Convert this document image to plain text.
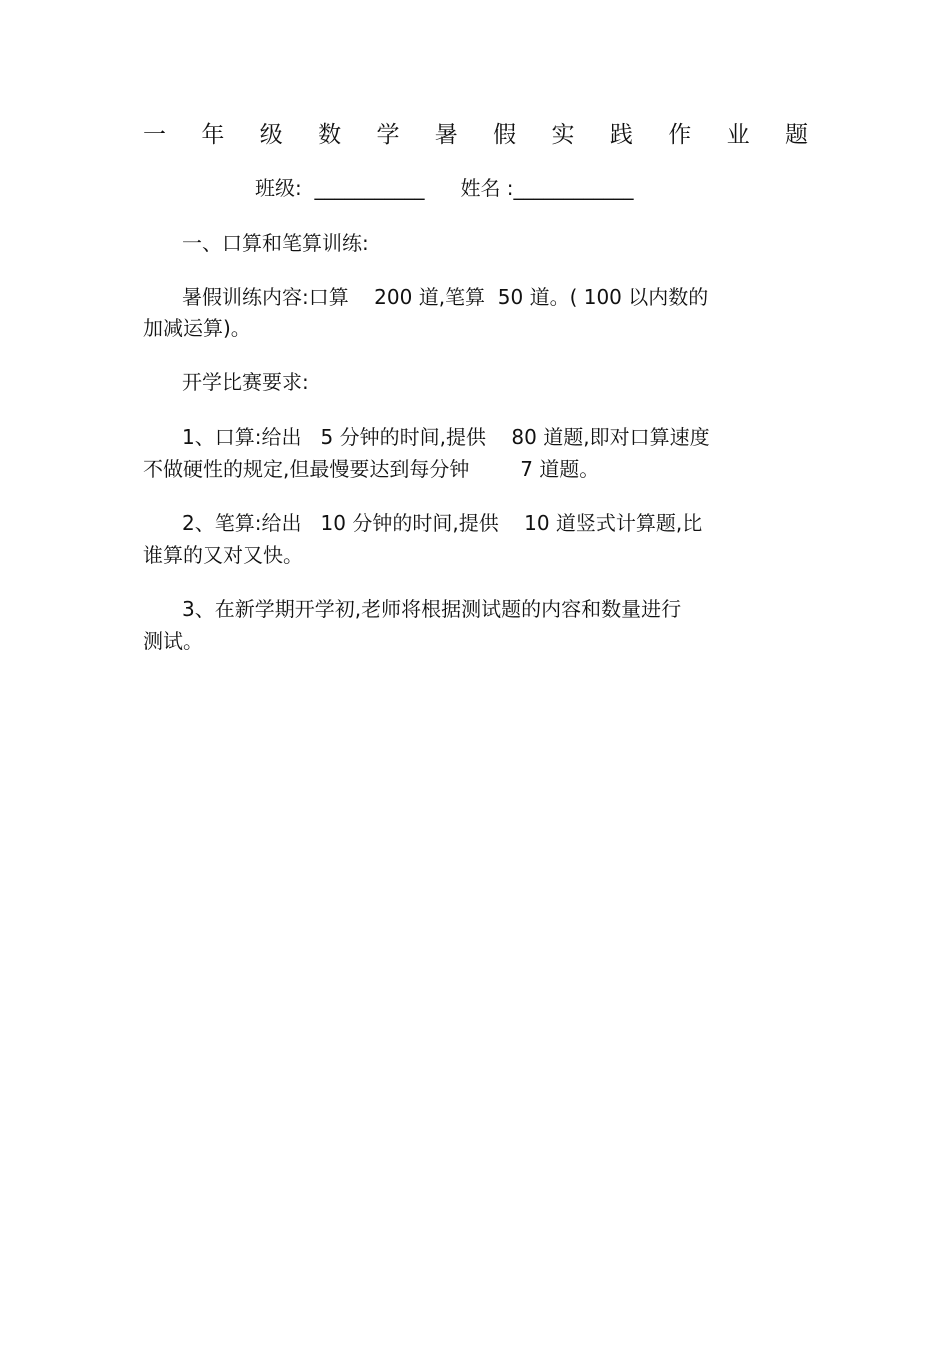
一 年 级 数 学 暑 假 实 践 作 业 题
班级:  ___________ 姓名 :____________
一、口算和笔算训练:
暑假训练内容:口算    200 道,笔算  50 道。( 100 以内数的
加减运算)。
开学比赛要求:
1、口算:给出   5 分钟的时间,提供    80 道题,即对口算速度
不做硬性的规定,但最慢要达到每分钟        7 道题。
2、笔算:给出   10 分钟的时间,提供    10 道竖式计算题,比
谁算的又对又快。
3、在新学期开学初,老师将根据测试题的内容和数量进行
测试。
